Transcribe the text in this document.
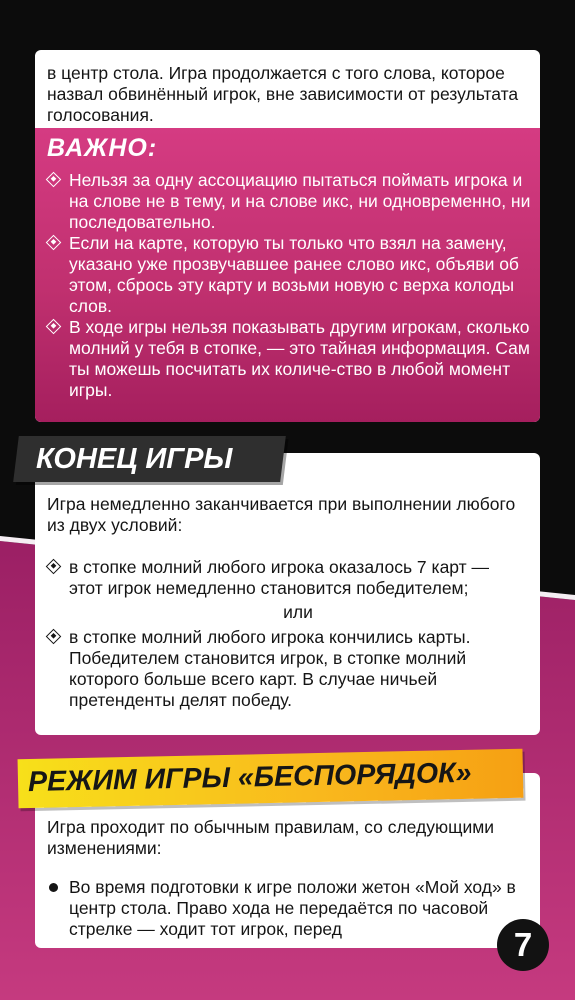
в центр стола. Игра продолжается с того слова, которое назвал обвинённый игрок, вне зависимости от результата голосования.
ВАЖНО:
Нельзя за одну ассоциацию пытаться поймать игрока и на слове не в тему, и на слове икс, ни одновременно, ни последовательно.
Если на карте, которую ты только что взял на замену, указано уже прозвучавшее ранее слово икс, объяви об этом, сбрось эту карту и возьми новую с верха колоды слов.
В ходе игры нельзя показывать другим игрокам, сколько молний у тебя в стопке, — это тайная информация. Сам ты можешь посчитать их количе-ство в любой момент игры.
Игра немедленно заканчивается при выполнении любого из двух условий:
в стопке молний любого игрока оказалось 7 карт — этот игрок немедленно становится победителем;
или
в стопке молний любого игрока кончились карты. Победителем становится игрок, в стопке молний которого больше всего карт. В случае ничьей претенденты делят победу.
КОНЕЦ ИГРЫ
Игра проходит по обычным правилам, со следующими изменениями:
Во время подготовки к игре положи жетон «Мой ход» в центр стола. Право хода не передаётся по часовой стрелке — ходит тот игрок, перед
РЕЖИМ ИГРЫ «БЕСПОРЯДОК»
7
